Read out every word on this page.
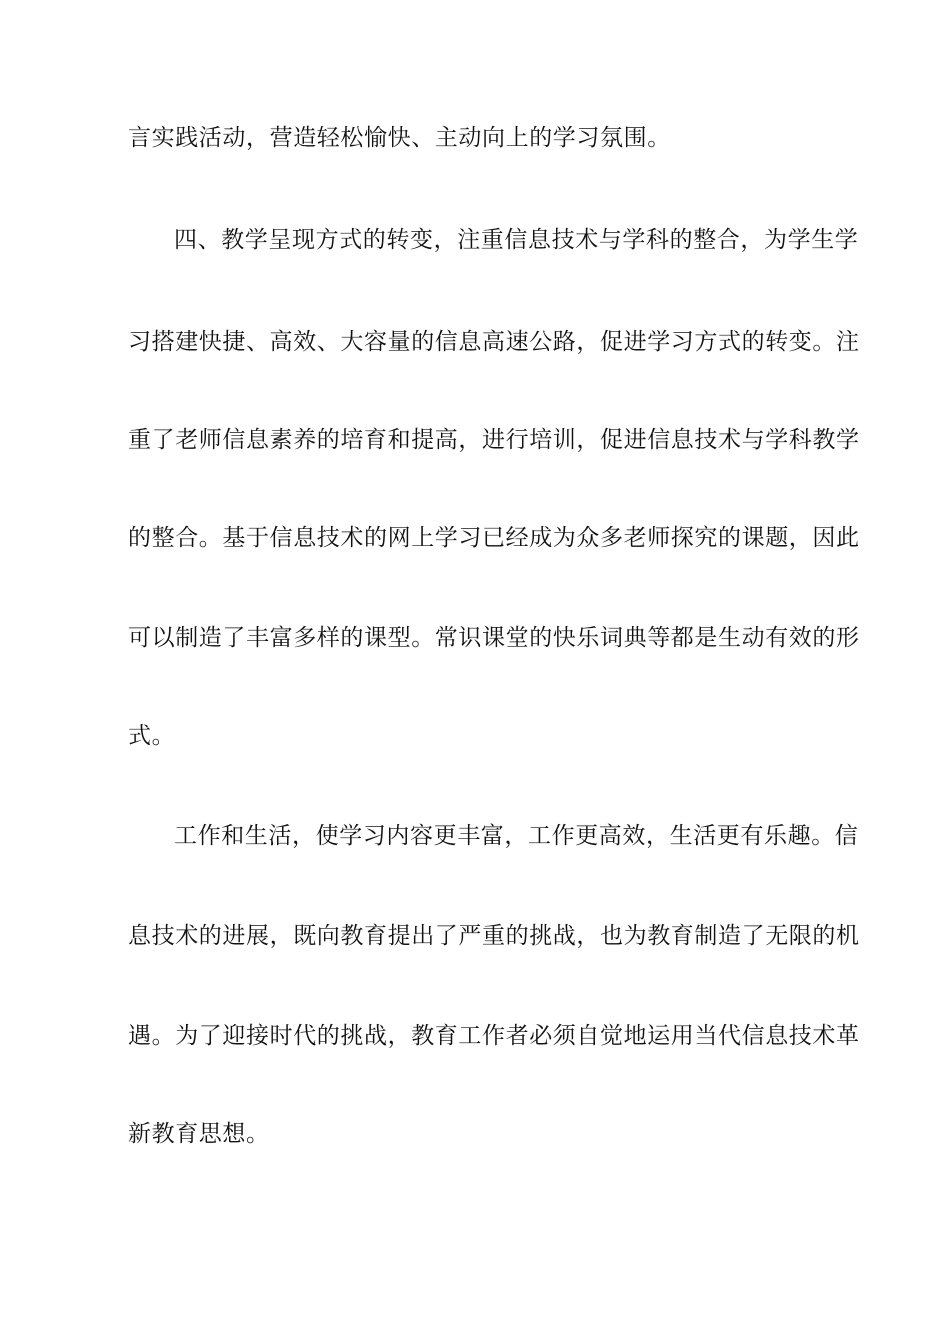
言实践活动，营造轻松愉快、主动向上的学习氛围。
四、教学呈现方式的转变，注重信息技术与学科的整合，为学生学
习搭建快捷、高效、大容量的信息高速公路，促进学习方式的转变。注
重了老师信息素养的培育和提高，进行培训，促进信息技术与学科教学
的整合。基于信息技术的网上学习已经成为众多老师探究的课题，因此
可以制造了丰富多样的课型。常识课堂的快乐词典等都是生动有效的形
式。
工作和生活，使学习内容更丰富，工作更高效，生活更有乐趣。信
息技术的进展，既向教育提出了严重的挑战，也为教育制造了无限的机
遇。为了迎接时代的挑战，教育工作者必须自觉地运用当代信息技术革
新教育思想。
